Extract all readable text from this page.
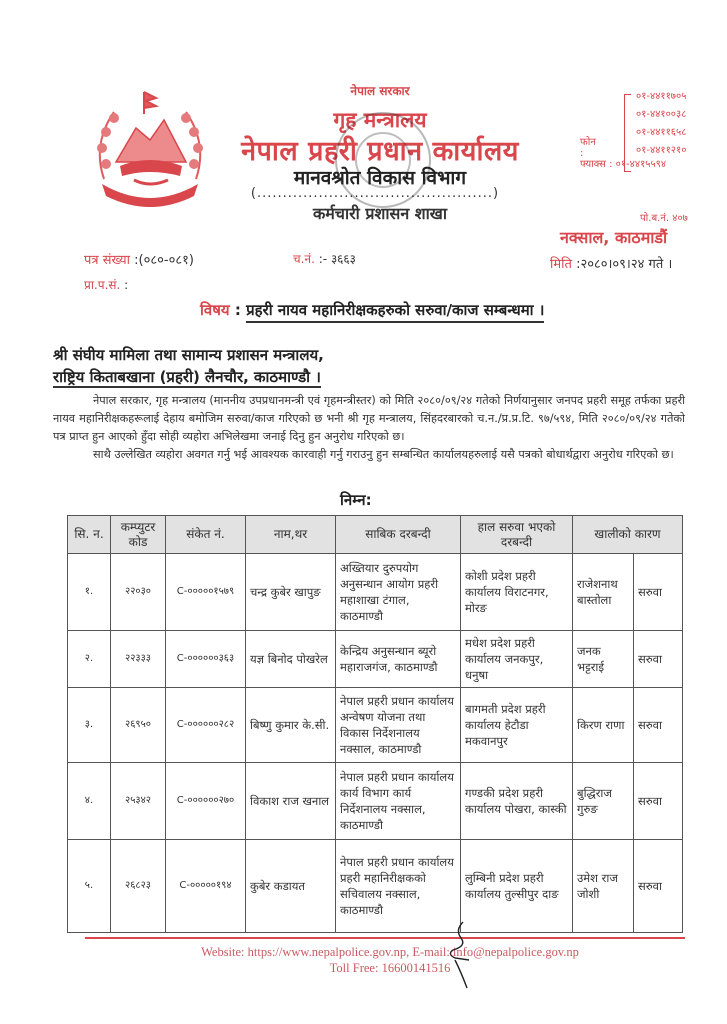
नेपाल सरकार
गृह मन्त्रालय
नेपाल प्रहरी प्रधान कार्यालय
मानवश्रोत विकास विभाग
(..............................................)
कर्मचारी प्रशासन शाखा
फोन :
०१-४४११७०५
०१-४४१००३८
०१-४४११६५८
०१-४४११२१०
फ्याक्स : ०१-४४१५५९४
पो.ब.नं. ४०७
नक्साल, काठमाडौं
मिति :२०८०।०९।२४ गते ।
पत्र संख्या :(०८०-०८१)	च.नं. :- ३६६३
प्रा.प.सं. :
विषय : प्रहरी नायव महानिरीक्षकहरुको सरुवा/काज सम्बन्धमा ।
श्री संघीय मामिला तथा सामान्य प्रशासन मन्त्रालय,
राष्ट्रिय किताबखाना (प्रहरी) लैनचौर, काठमाण्डौ ।

नेपाल सरकार, गृह मन्त्रालय (माननीय उपप्रधानमन्त्री एवं गृहमन्त्रीस्तर) को मिति २०८०/०९/२४ गतेको निर्णयानुसार जनपद प्रहरी समूह तर्फका प्रहरी नायव महानिरीक्षकहरूलाई देहाय बमोजिम सरुवा/काज गरिएको छ भनी श्री गृह मन्त्रालय, सिंहदरबारको च.न./प्र.प्र.टि. ९७/५९४, मिति २०८०/०९/२४ गतेको पत्र प्राप्त हुन आएको हुँदा सोही व्यहोरा अभिलेखमा जनाई दिनु हुन अनुरोध गरिएको छ।

साथै उल्लेखित व्यहोरा अवगत गर्नु भई आवश्यक कारवाही गर्नु गराउनु हुन सम्बन्धित कार्यालयहरुलाई यसै पत्रको बोधार्थद्वारा अनुरोध गरिएको छ।

निम्न:
सि. न.	कम्प्युटर कोड	संकेत नं.	नाम,थर	साबिक दरबन्दी	हाल सरुवा भएको दरबन्दी	खालीको कारण	
१.	२२०३०	C-०००००१५७९	चन्द्र कुबेर खापुङ	अख्तियार दुरुपयोग अनुसन्धान आयोग प्रहरी महाशाखा टंगाल, काठमाण्डौ	कोशी प्रदेश प्रहरी कार्यालय विराटनगर, मोरङ	राजेशनाथ बास्तोला	सरुवा
२.	२२३३३	C-००००००३६३	यज्ञ बिनोद पोखरेल	केन्द्रिय अनुसन्धान ब्यूरो महाराजगंज, काठमाण्डौ	मधेश प्रदेश प्रहरी कार्यालय जनकपुर, धनुषा	जनक भट्टराई	सरुवा
३.	२६९५०	C-००००००२८२	बिष्णु कुमार के.सी.	नेपाल प्रहरी प्रधान कार्यालय अन्वेषण योजना तथा विकास निर्देशनालय नक्साल, काठमाण्डौ	बागमती प्रदेश प्रहरी कार्यालय हेटौडा मकवानपुर	किरण राणा	सरुवा
४.	२५३४२	C-००००००२७०	विकाश राज खनाल	नेपाल प्रहरी प्रधान कार्यालय कार्य विभाग कार्य निर्देशनालय नक्साल, काठमाण्डौ	गण्डकी प्रदेश प्रहरी कार्यालय पोखरा, कास्की	बुद्धिराज गुरुङ	सरुवा
५.	२६८२३	C-०००००१९४	कुबेर कडायत	नेपाल प्रहरी प्रधान कार्यालय प्रहरी महानिरीक्षकको सचिवालय नक्साल, काठमाण्डौ	लुम्बिनी प्रदेश प्रहरी कार्यालय तुल्सीपुर दाङ	उमेश राज जोशी	सरुवा
Website: https://www.nepalpolice.gov.np, E-mail: info@nepalpolice.gov.np
Toll Free: 16600141516
